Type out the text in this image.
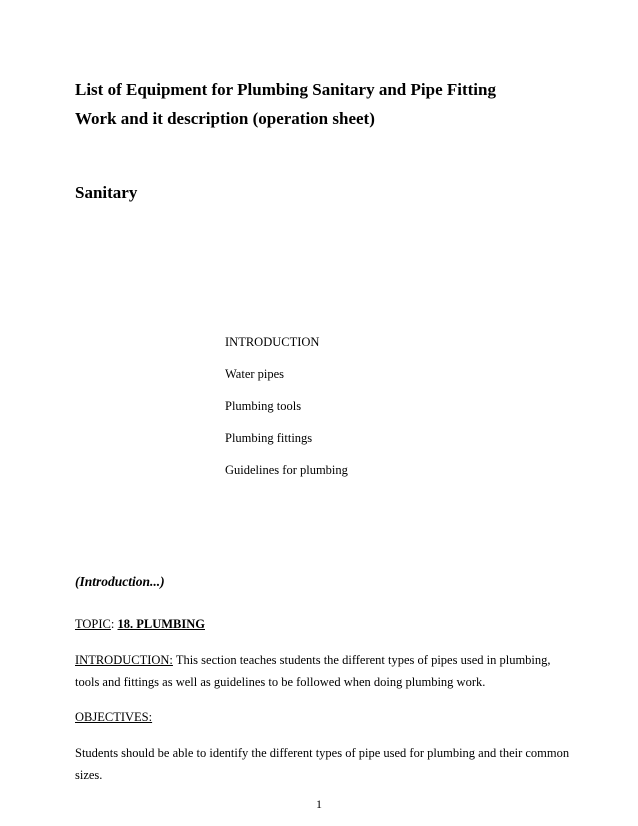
List of Equipment for Plumbing Sanitary and Pipe Fitting
Work and it description (operation sheet)
Sanitary
INTRODUCTION
Water pipes
Plumbing tools
Plumbing fittings
Guidelines for plumbing
(Introduction...)

TOPIC: 18. PLUMBING

INTRODUCTION: This section teaches students the different types of pipes used in plumbing, tools and fittings as well as guidelines to be followed when doing plumbing work.

OBJECTIVES:

Students should be able to identify the different types of pipe used for plumbing and their common sizes.

1
